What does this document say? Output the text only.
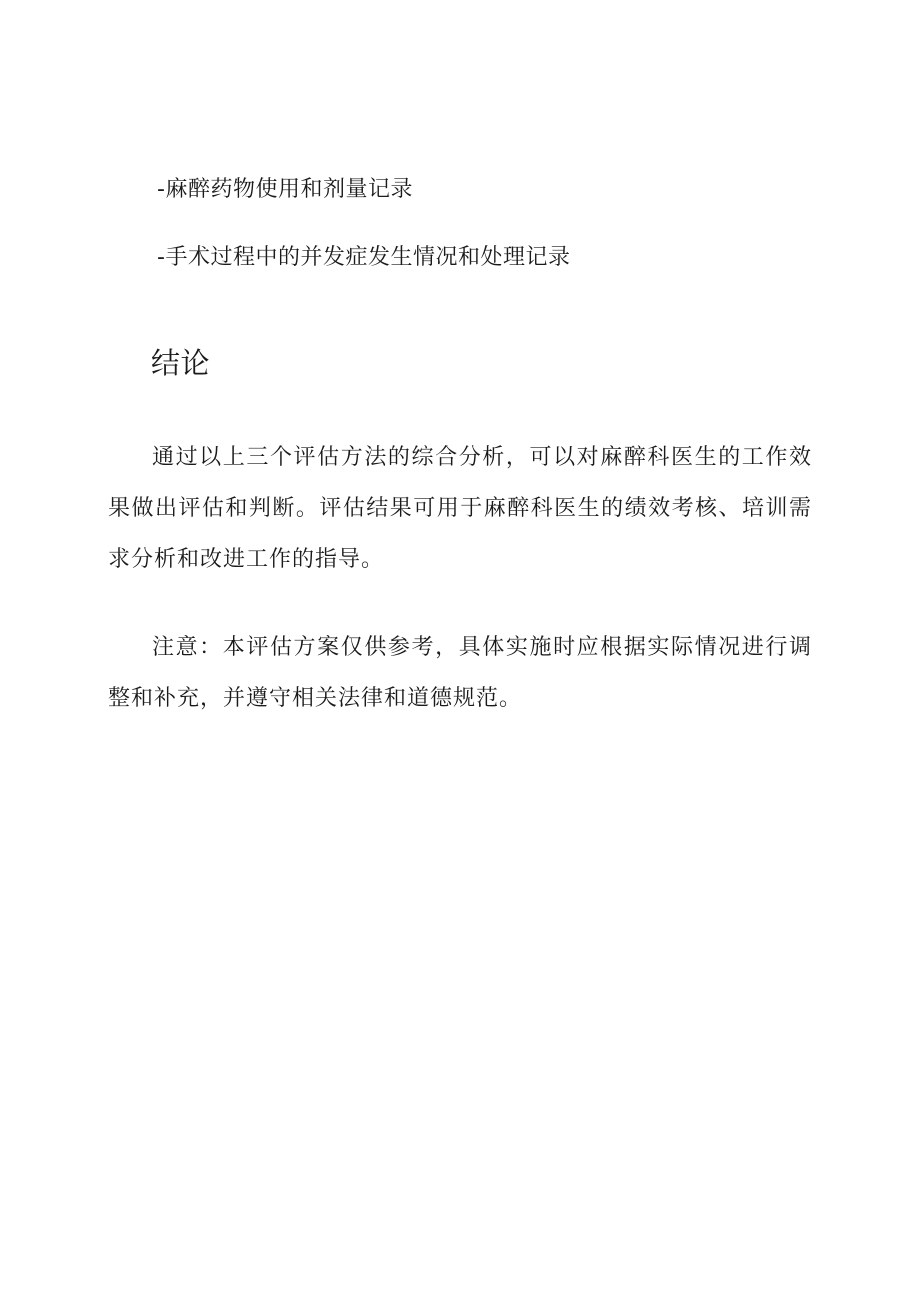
-麻醉药物使用和剂量记录
-手术过程中的并发症发生情况和处理记录
结论

通过以上三个评估方法的综合分析，可以对麻醉科医生的工作效果做出评估和判断。评估结果可用于麻醉科医生的绩效考核、培训需求分析和改进工作的指导。

注意：本评估方案仅供参考，具体实施时应根据实际情况进行调整和补充，并遵守相关法律和道德规范。
